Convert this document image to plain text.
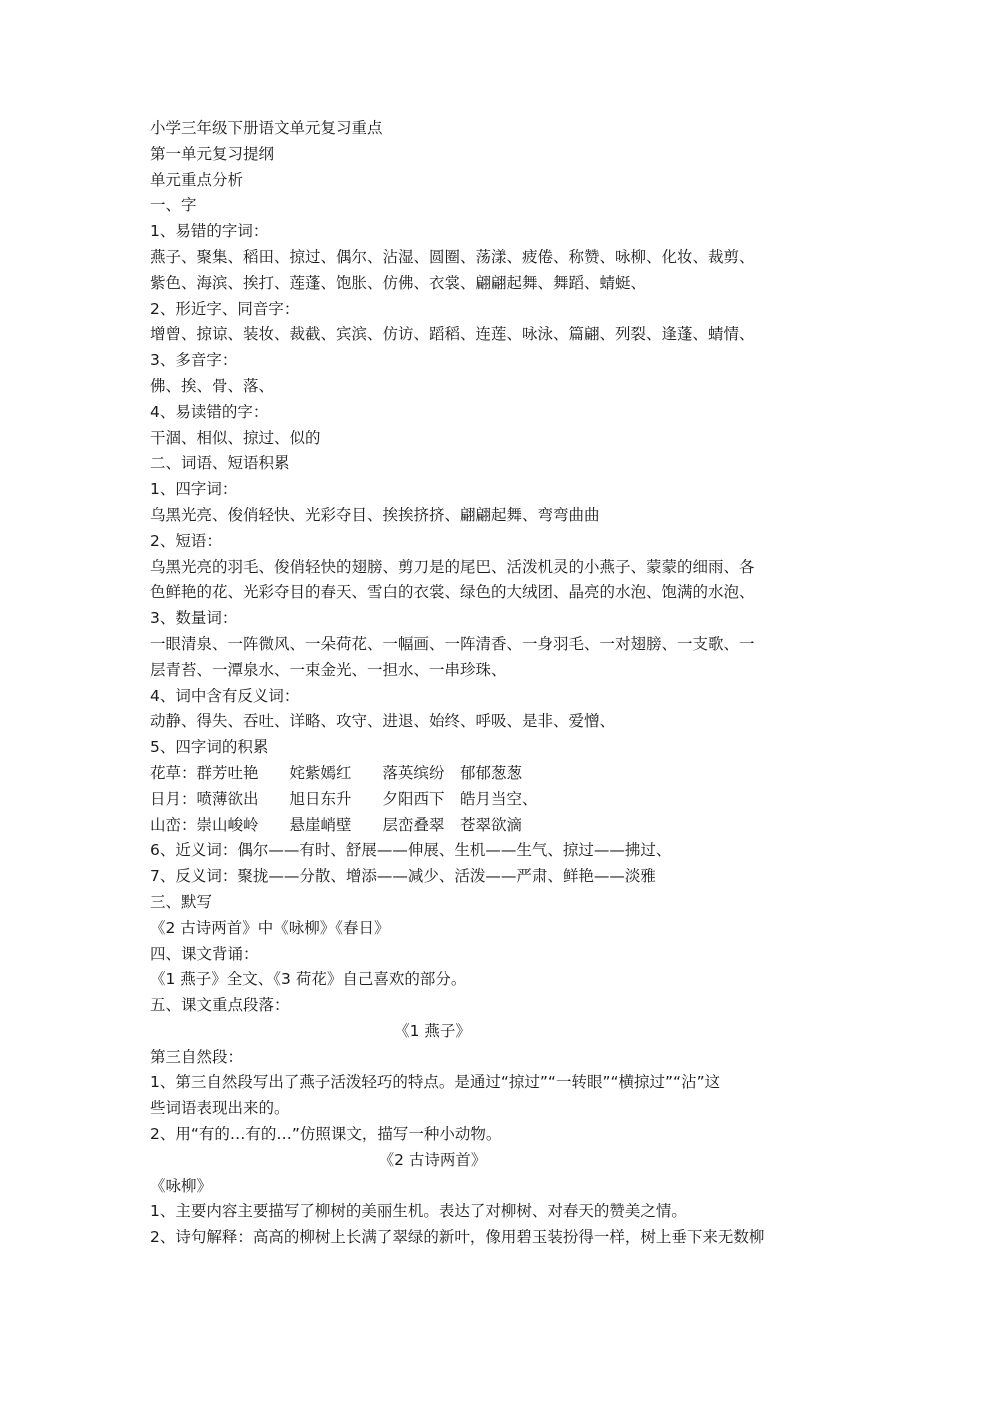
小学三年级下册语文单元复习重点
第一单元复习提纲
单元重点分析
一、字
1、易错的字词：
燕子、聚集、稻田、掠过、偶尔、沾湿、圆圈、荡漾、疲倦、称赞、咏柳、化妆、裁剪、
紫色、海滨、挨打、莲蓬、饱胀、仿佛、衣裳、翩翩起舞、舞蹈、蜻蜓、
2、形近字、同音字：
增曾、掠谅、装妆、裁截、宾滨、仿访、蹈稻、连莲、咏泳、篇翩、列裂、逢蓬、蜻情、
3、多音字：
佛、挨、骨、落、
4、易读错的字：
干涸、相似、掠过、似的
二、词语、短语积累
1、四字词：
乌黑光亮、俊俏轻快、光彩夺目、挨挨挤挤、翩翩起舞、弯弯曲曲
2、短语：
乌黑光亮的羽毛、俊俏轻快的翅膀、剪刀是的尾巴、活泼机灵的小燕子、蒙蒙的细雨、各
色鲜艳的花、光彩夺目的春天、雪白的衣裳、绿色的大绒团、晶亮的水泡、饱满的水泡、
3、数量词：
一眼清泉、一阵微风、一朵荷花、一幅画、一阵清香、一身羽毛、一对翅膀、一支歌、一
层青苔、一潭泉水、一束金光、一担水、一串珍珠、
4、词中含有反义词：
动静、得失、吞吐、详略、攻守、进退、始终、呼吸、是非、爱憎、
5、四字词的积累
花草：群芳吐艳　　姹紫嫣红　　落英缤纷　郁郁葱葱
日月：喷薄欲出　　旭日东升　　夕阳西下　皓月当空、
山峦：崇山峻岭　　悬崖峭壁　　层峦叠翠　苍翠欲滴
6、近义词：偶尔——有时、舒展——伸展、生机——生气、掠过——拂过、
7、反义词：聚拢——分散、增添——减少、活泼——严肃、鲜艳——淡雅
三、默写
《2 古诗两首》中《咏柳》《春日》
四、课文背诵：
《1 燕子》全文、《3 荷花》自己喜欢的部分。
五、课文重点段落：
《1 燕子》
第三自然段：
1、第三自然段写出了燕子活泼轻巧的特点。是通过“掠过”“一转眼”“横掠过”“沾”这
些词语表现出来的。
2、用“有的…有的…”仿照课文，描写一种小动物。
《2 古诗两首》
《咏柳》
1、主要内容主要描写了柳树的美丽生机。表达了对柳树、对春天的赞美之情。
2、诗句解释：高高的柳树上长满了翠绿的新叶，像用碧玉装扮得一样，树上垂下来无数柳
